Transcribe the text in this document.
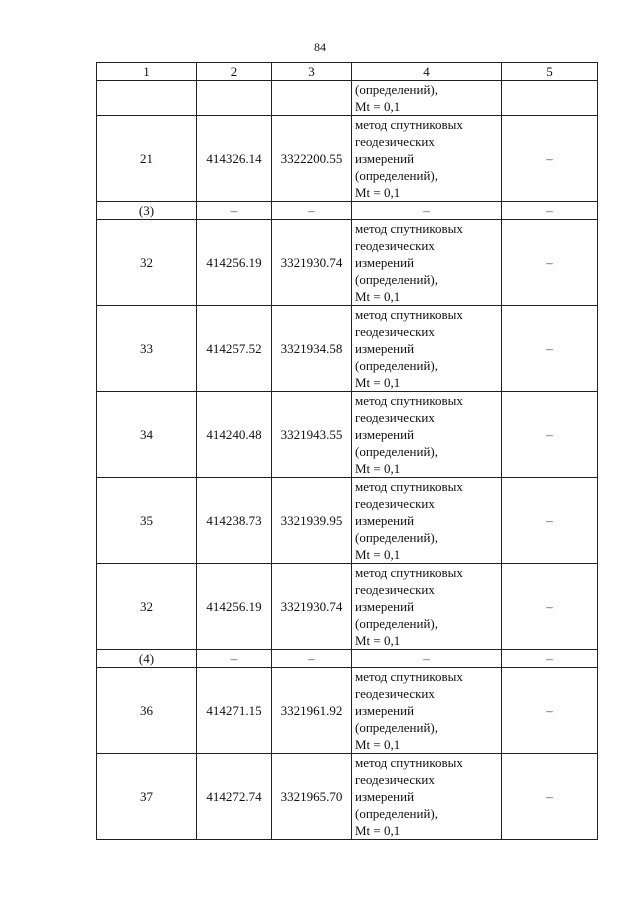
84
1	2	3	4	5

			(определений),
Mt = 0,1	

21	414326.14	3322200.55	метод спутниковых
геодезических
измерений
(определений),
Mt = 0,1	–
(3)	–	–	–	–
32	414256.19	3321930.74	метод спутниковых
геодезических
измерений
(определений),
Mt = 0,1	–
33	414257.52	3321934.58	метод спутниковых
геодезических
измерений
(определений),
Mt = 0,1	–
34	414240.48	3321943.55	метод спутниковых
геодезических
измерений
(определений),
Mt = 0,1	–
35	414238.73	3321939.95	метод спутниковых
геодезических
измерений
(определений),
Mt = 0,1	–
32	414256.19	3321930.74	метод спутниковых
геодезических
измерений
(определений),
Mt = 0,1	–
(4)	–	–	–	–
36	414271.15	3321961.92	метод спутниковых
геодезических
измерений
(определений),
Mt = 0,1	–
37	414272.74	3321965.70	метод спутниковых
геодезических
измерений
(определений),
Mt = 0,1	–
